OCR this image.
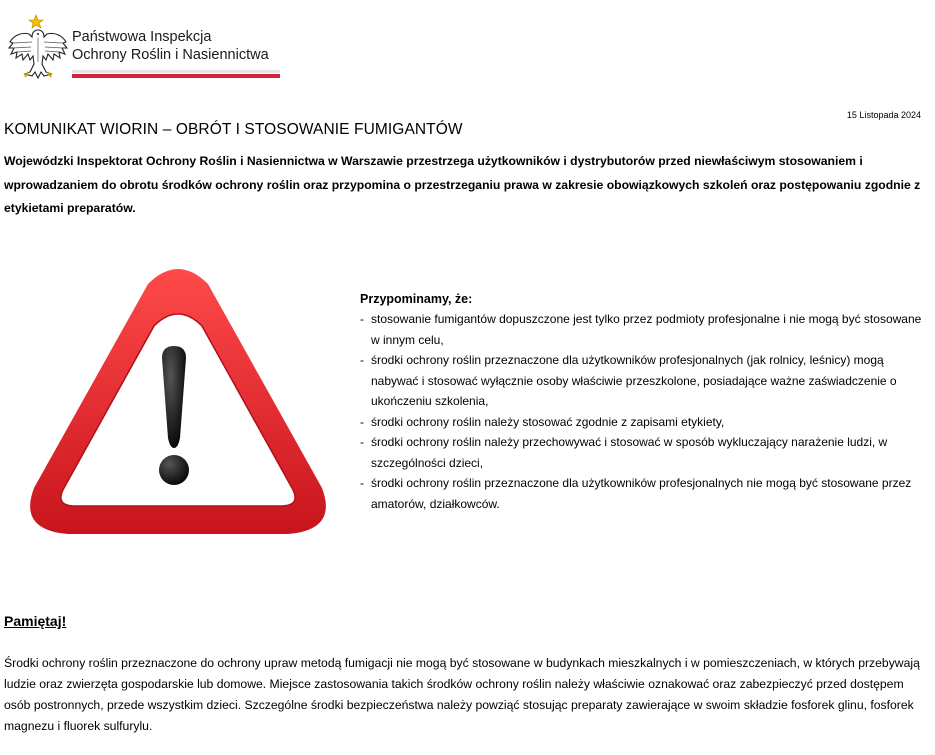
Państwowa Inspekcja
Ochrony Roślin i Nasiennictwa
15 Listopada 2024
KOMUNIKAT WIORIN – OBRÓT I STOSOWANIE FUMIGANTÓW

Wojewódzki Inspektorat Ochrony Roślin i Nasiennictwa w Warszawie przestrzega użytkowników i dystrybutorów przed niewłaściwym stosowaniem i wprowadzaniem do obrotu środków ochrony roślin oraz przypomina o przestrzeganiu prawa w zakresie obowiązkowych szkoleń oraz postępowaniu zgodnie z etykietami preparatów.

Przypominamy, że:

- stosowanie fumigantów dopuszczone jest tylko przez podmioty profesjonalne i nie mogą być stosowane w innym celu,
- środki ochrony roślin przeznaczone dla użytkowników profesjonalnych (jak rolnicy, leśnicy) mogą nabywać i stosować wyłącznie osoby właściwie przeszkolone, posiadające ważne zaświadczenie o ukończeniu szkolenia,
- środki ochrony roślin należy stosować zgodnie z zapisami etykiety,
- środki ochrony roślin należy przechowywać i stosować w sposób wykluczający narażenie ludzi, w szczególności dzieci,
- środki ochrony roślin przeznaczone dla użytkowników profesjonalnych nie mogą być stosowane przez amatorów, działkowców.
Pamiętaj!

Środki ochrony roślin przeznaczone do ochrony upraw metodą fumigacji nie mogą być stosowane w budynkach mieszkalnych i w pomieszczeniach, w których przebywają ludzie oraz zwierzęta gospodarskie lub domowe. Miejsce zastosowania takich środków ochrony roślin należy właściwie oznakować oraz zabezpieczyć przed dostępem osób postronnych, przede wszystkim dzieci. Szczególne środki bezpieczeństwa należy powziąć stosując preparaty zawierające w swoim składzie fosforek glinu, fosforek magnezu i fluorek sulfurylu.
